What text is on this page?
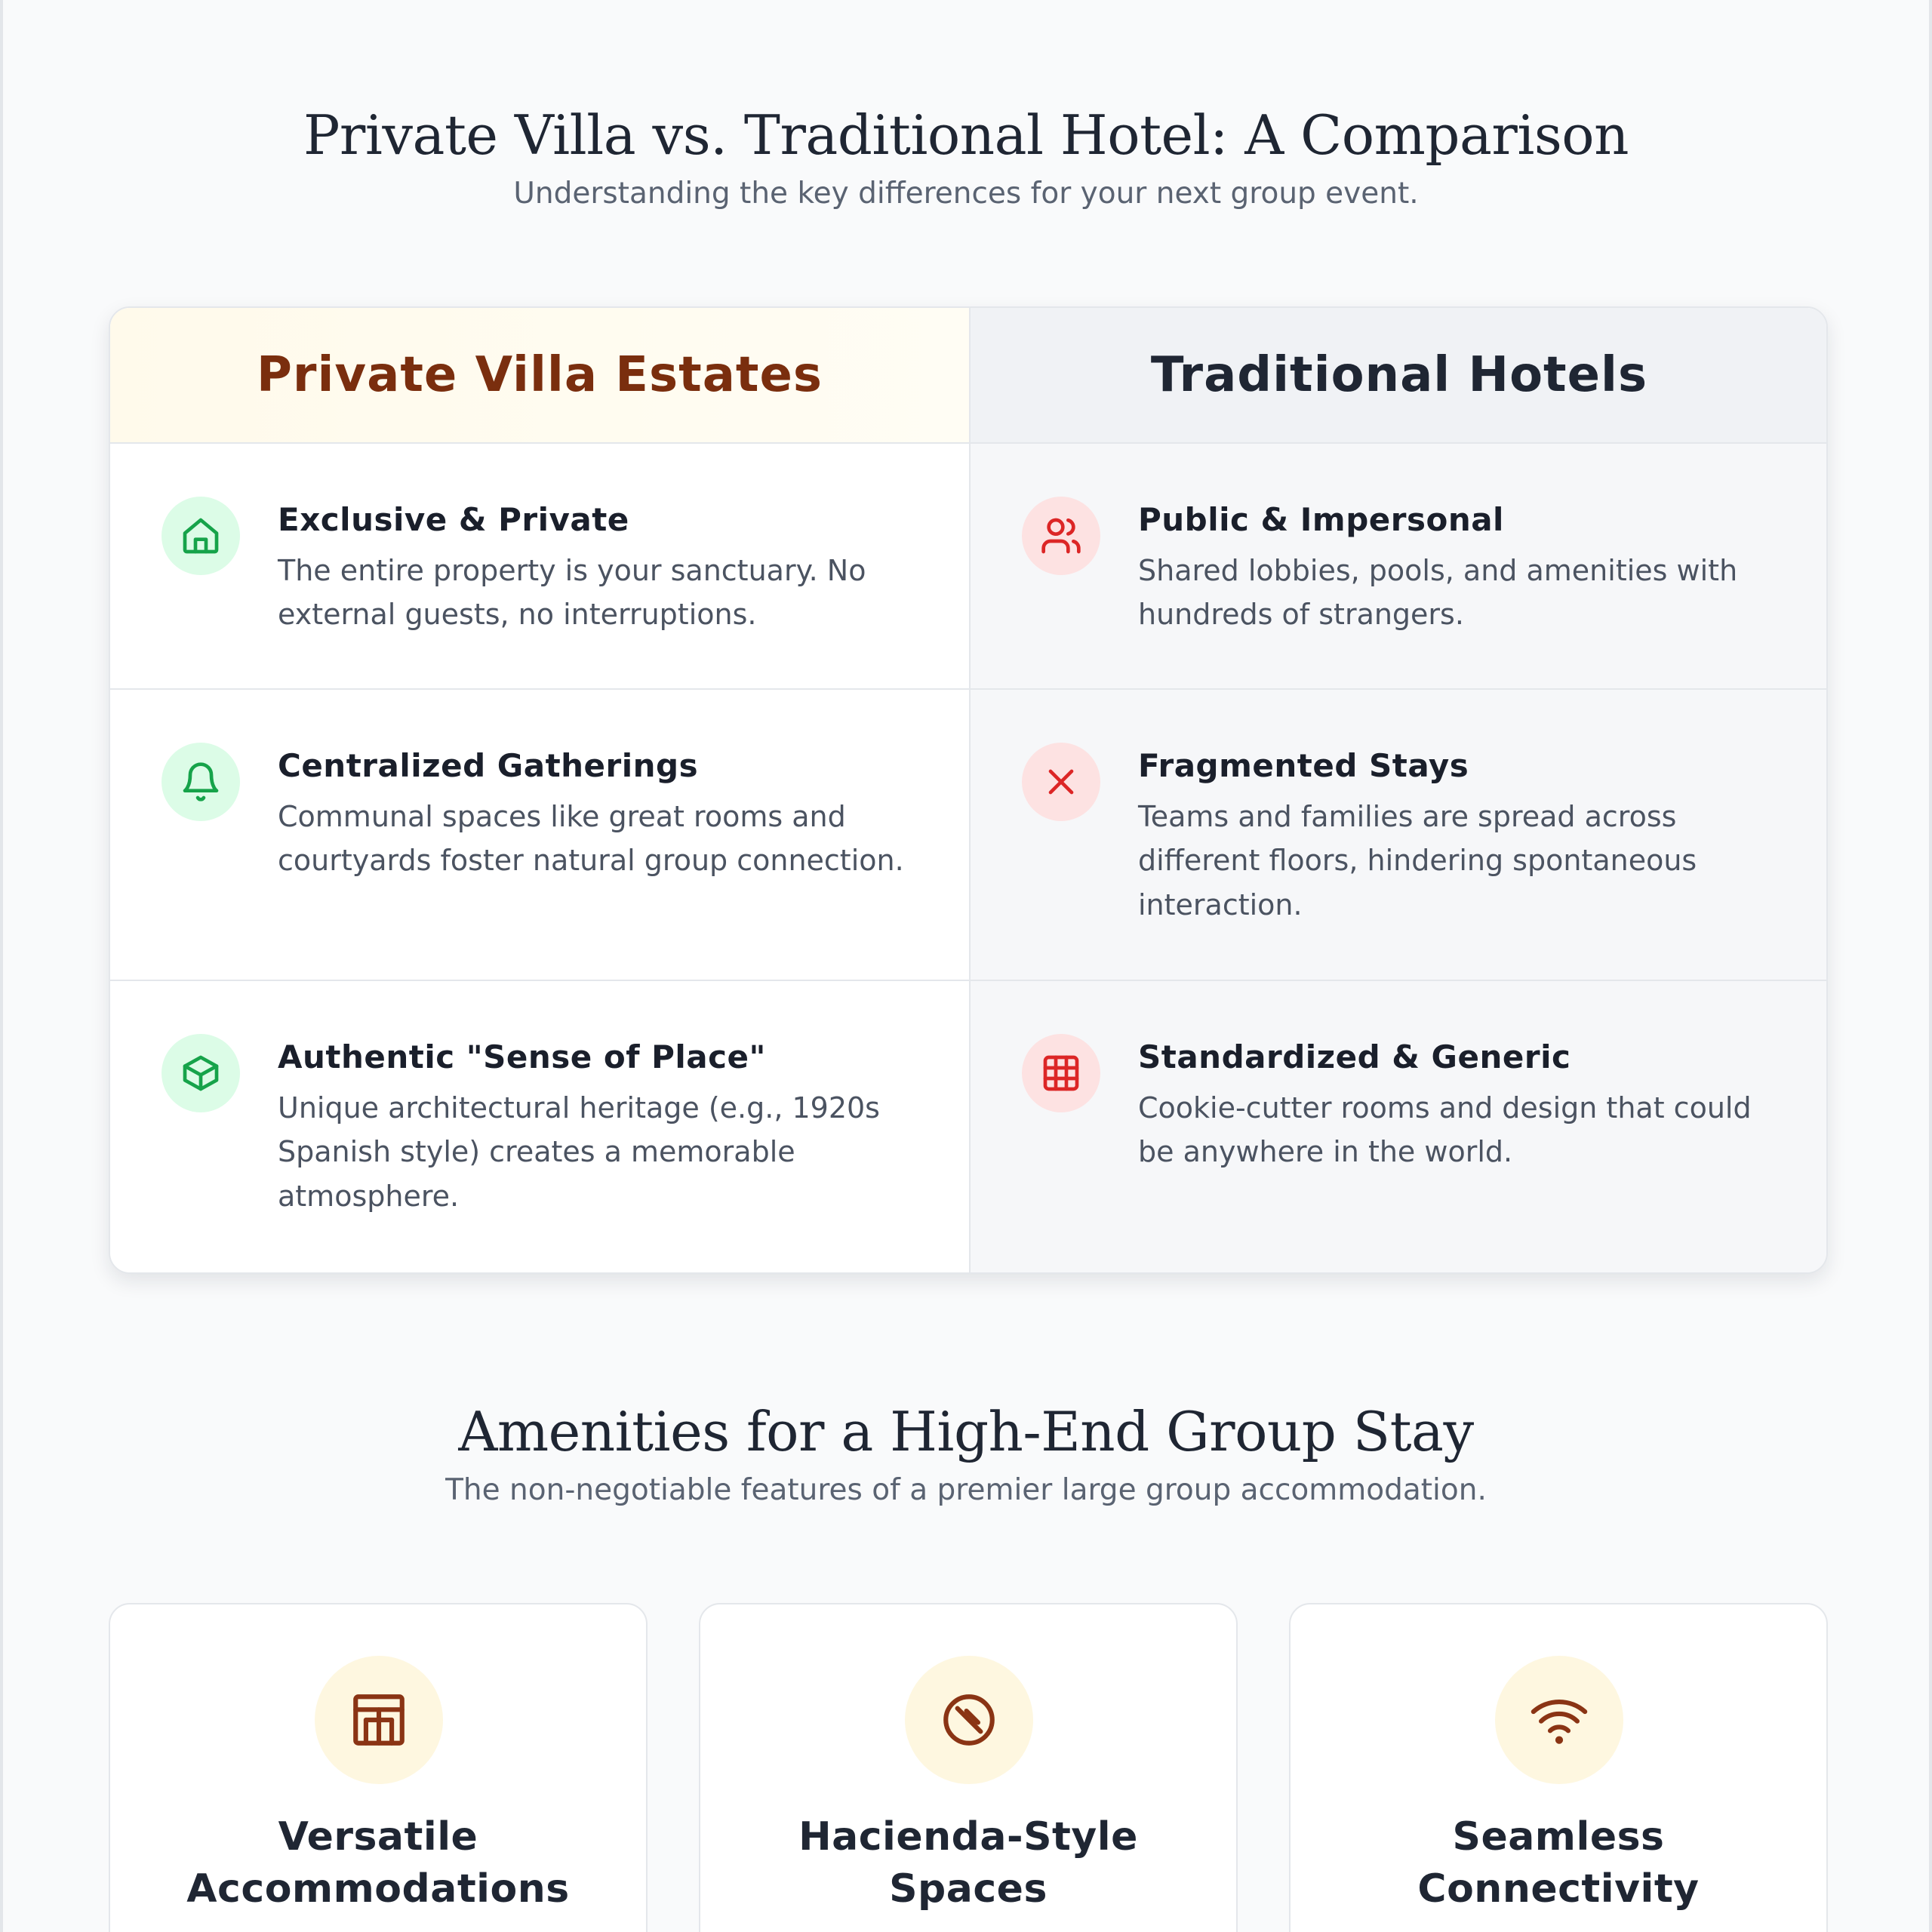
Private Villa vs. Traditional Hotel: A Comparison

Understanding the key differences for your next group event.

Private Villa Estates

Exclusive & Private

The entire property is your sanctuary. No external guests, no interruptions.

Centralized Gatherings

Communal spaces like great rooms and courtyards foster natural group connection.

Authentic "Sense of Place"

Unique architectural heritage (e.g., 1920s Spanish style) creates a memorable atmosphere.

Traditional Hotels

Public & Impersonal

Shared lobbies, pools, and amenities with hundreds of strangers.

Fragmented Stays

Teams and families are spread across different floors, hindering spontaneous interaction.

Standardized & Generic

Cookie-cutter rooms and design that could be anywhere in the world.

Amenities for a High-End Group Stay

The non-negotiable features of a premier large group accommodation.

Versatile Accommodations

Hacienda-Style Spaces

Seamless Connectivity
